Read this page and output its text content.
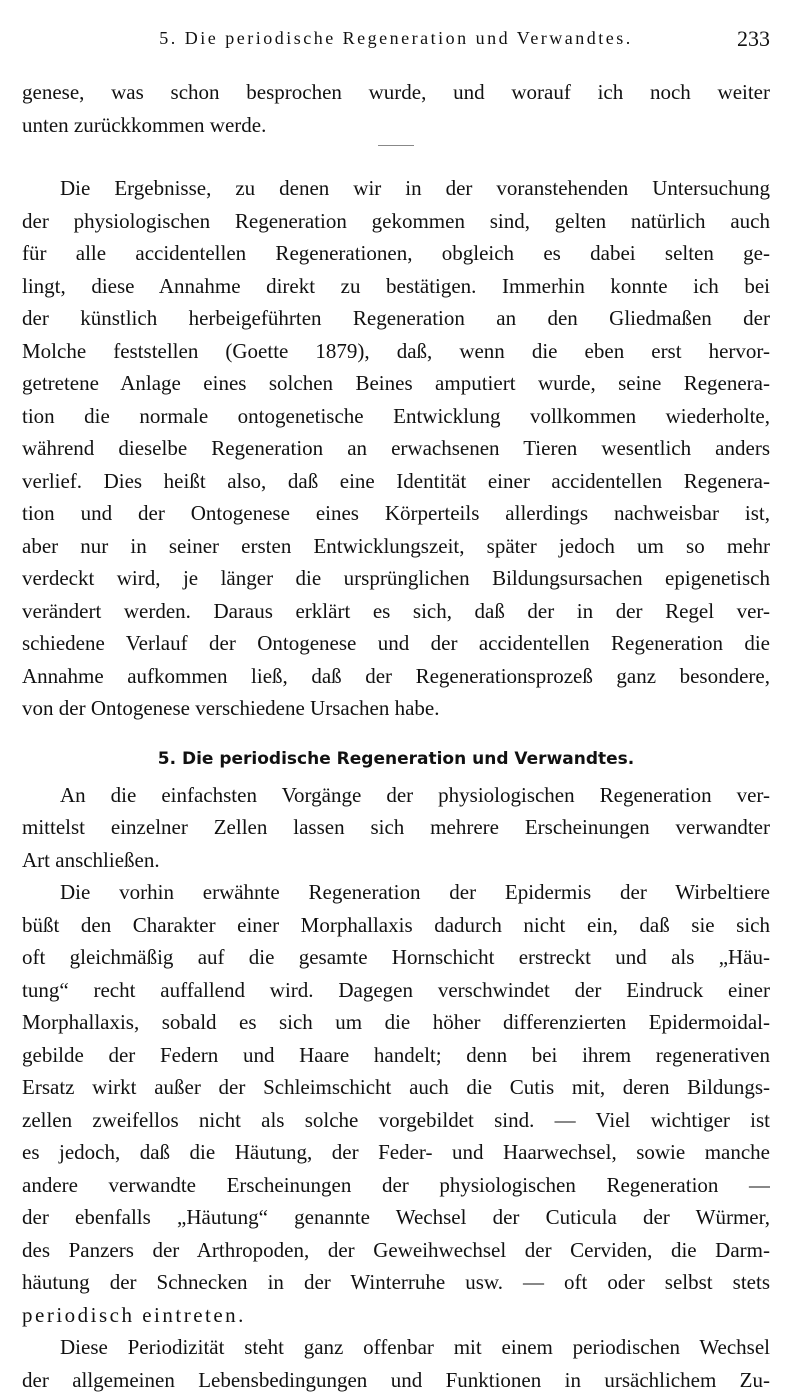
5. Die periodische Regeneration und Verwandtes.	233
genese, was schon besprochen wurde, und worauf ich noch weiter
unten zurückkommen werde.
Die Ergebnisse, zu denen wir in der voranstehenden Untersuchung
der physiologischen Regeneration gekommen sind, gelten natürlich auch
für alle accidentellen Regenerationen, obgleich es dabei selten ge-
lingt, diese Annahme direkt zu bestätigen. Immerhin konnte ich bei
der künstlich herbeigeführten Regeneration an den Gliedmaßen der
Molche feststellen (Goette 1879), daß, wenn die eben erst hervor-
getretene Anlage eines solchen Beines amputiert wurde, seine Regenera-
tion die normale ontogenetische Entwicklung vollkommen wiederholte,
während dieselbe Regeneration an erwachsenen Tieren wesentlich anders
verlief. Dies heißt also, daß eine Identität einer accidentellen Regenera-
tion und der Ontogenese eines Körperteils allerdings nachweisbar ist,
aber nur in seiner ersten Entwicklungszeit, später jedoch um so mehr
verdeckt wird, je länger die ursprünglichen Bildungsursachen epigenetisch
verändert werden. Daraus erklärt es sich, daß der in der Regel ver-
schiedene Verlauf der Ontogenese und der accidentellen Regeneration die
Annahme aufkommen ließ, daß der Regenerationsprozeß ganz besondere,
von der Ontogenese verschiedene Ursachen habe.
5. Die periodische Regeneration und Verwandtes.
An die einfachsten Vorgänge der physiologischen Regeneration ver-
mittelst einzelner Zellen lassen sich mehrere Erscheinungen verwandter
Art anschließen.
Die vorhin erwähnte Regeneration der Epidermis der Wirbeltiere
büßt den Charakter einer Morphallaxis dadurch nicht ein, daß sie sich
oft gleichmäßig auf die gesamte Hornschicht erstreckt und als „Häu-
tung“ recht auffallend wird. Dagegen verschwindet der Eindruck einer
Morphallaxis, sobald es sich um die höher differenzierten Epidermoidal-
gebilde der Federn und Haare handelt; denn bei ihrem regenerativen
Ersatz wirkt außer der Schleimschicht auch die Cutis mit, deren Bildungs-
zellen zweifellos nicht als solche vorgebildet sind. — Viel wichtiger ist
es jedoch, daß die Häutung, der Feder- und Haarwechsel, sowie manche
andere verwandte Erscheinungen der physiologischen Regeneration —
der ebenfalls „Häutung“ genannte Wechsel der Cuticula der Würmer,
des Panzers der Arthropoden, der Geweihwechsel der Cerviden, die Darm-
häutung der Schnecken in der Winterruhe usw. — oft oder selbst stets
periodisch eintreten.
Diese Periodizität steht ganz offenbar mit einem periodischen Wechsel
der allgemeinen Lebensbedingungen und Funktionen in ursächlichem Zu-
